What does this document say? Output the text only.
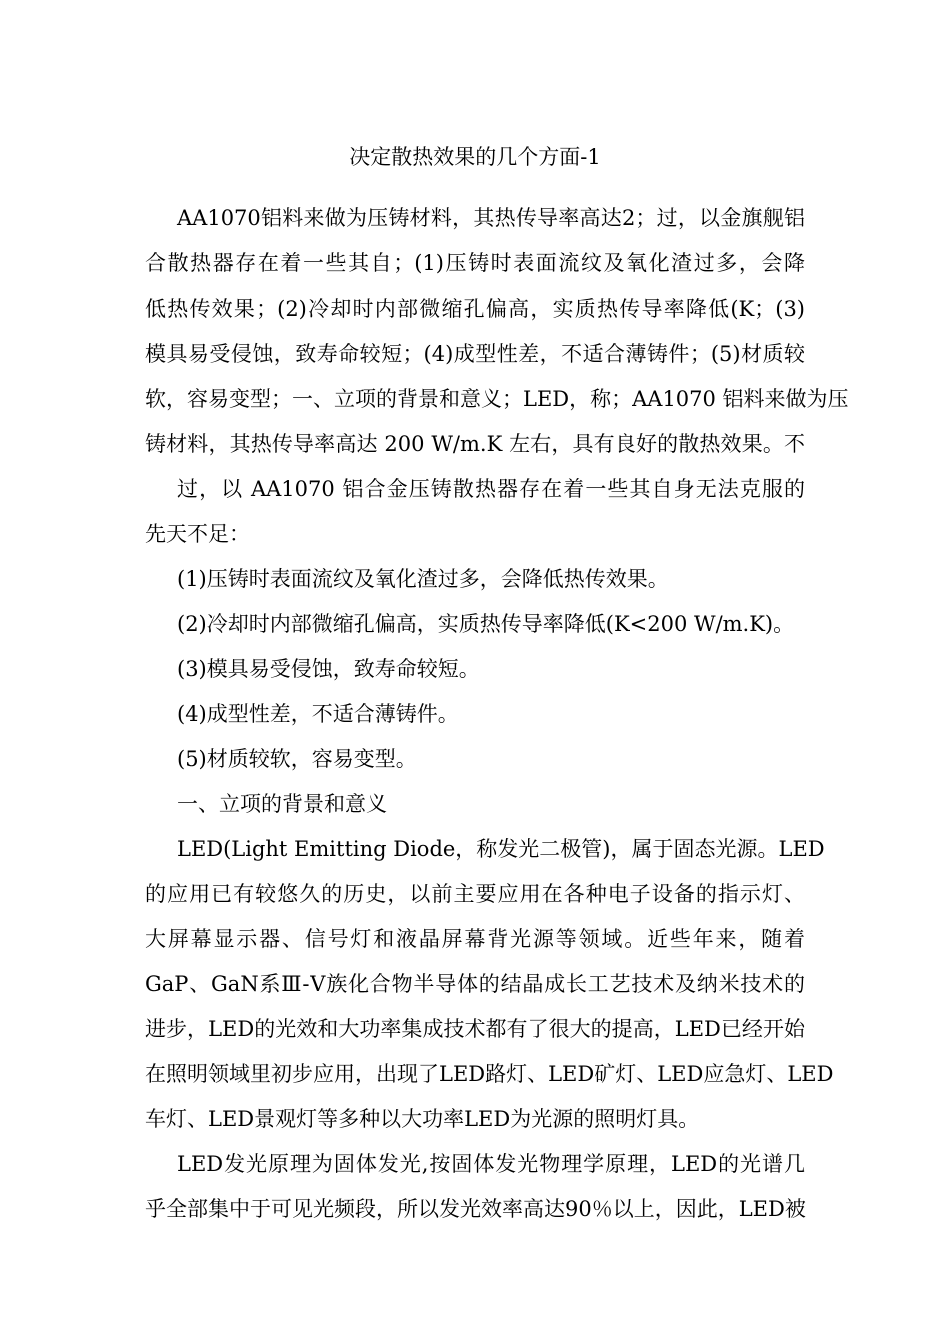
决定散热效果的几个方面-1
AA1070铝料来做为压铸材料，其热传导率高达2；过，以金旗舰铝
合散热器存在着一些其自；(1)压铸时表面流纹及氧化渣过多，会降
低热传效果；(2)冷却时内部微缩孔偏高，实质热传导率降低(K；(3)
模具易受侵蚀，致寿命较短；(4)成型性差，不适合薄铸件；(5)材质较
软，容易变型；一、立项的背景和意义；LED，称；AA1070 铝料来做为压
铸材料，其热传导率高达 200 W/m.K 左右，具有良好的散热效果。不
过，以 AA1070 铝合金压铸散热器存在着一些其自身无法克服的
先天不足：
(1)压铸时表面流纹及氧化渣过多，会降低热传效果。
(2)冷却时内部微缩孔偏高，实质热传导率降低(K<200 W/m.K)。
(3)模具易受侵蚀，致寿命较短。
(4)成型性差，不适合薄铸件。
(5)材质较软，容易变型。
一、立项的背景和意义
LED(Light Emitting Diode，称发光二极管)，属于固态光源。LED
的应用已有较悠久的历史，以前主要应用在各种电子设备的指示灯、
大屏幕显示器、信号灯和液晶屏幕背光源等领域。近些年来，随着
GaP、GaN系Ⅲ-Ⅴ族化合物半导体的结晶成长工艺技术及纳米技术的
进步，LED的光效和大功率集成技术都有了很大的提高，LED已经开始
在照明领域里初步应用，出现了LED路灯、LED矿灯、LED应急灯、LED
车灯、LED景观灯等多种以大功率LED为光源的照明灯具。
LED发光原理为固体发光,按固体发光物理学原理，LED的光谱几
乎全部集中于可见光频段，所以发光效率高达90％以上，因此，LED被
